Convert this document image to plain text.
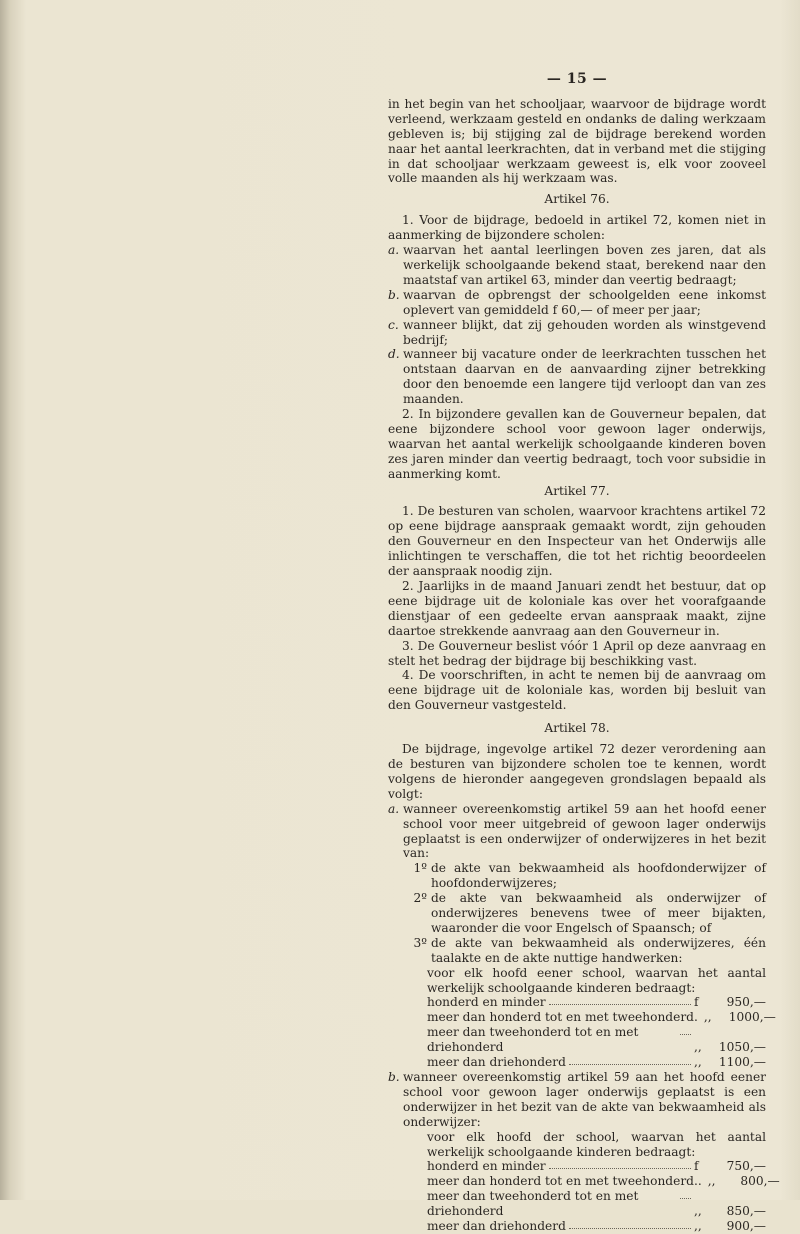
— 15 —

in het begin van het schooljaar, waarvoor de bijdrage wordt verleend, werkzaam gesteld en ondanks de daling werkzaam gebleven is; bij stijging zal de bijdrage berekend worden naar het aantal leerkrachten, dat in verband met die stijging in dat schooljaar werkzaam geweest is, elk voor zooveel volle maanden als hij werkzaam was.

Artikel 76.

1. Voor de bijdrage, bedoeld in artikel 72, komen niet in aanmerking de bijzondere scholen:

a. waarvan het aantal leerlingen boven zes jaren, dat als werkelijk schoolgaande bekend staat, berekend naar den maatstaf van artikel 63, minder dan veertig bedraagt;
b. waarvan de opbrengst der schoolgelden eene inkomst oplevert van gemiddeld f 60,— of meer per jaar;
c. wanneer blijkt, dat zij gehouden worden als winstgevend bedrijf;
d. wanneer bij vacature onder de leerkrachten tusschen het ontstaan daarvan en de aanvaarding zijner betrekking door den benoemde een langere tijd verloopt dan van zes maanden.

2. In bijzondere gevallen kan de Gouverneur bepalen, dat eene bijzondere school voor gewoon lager onderwijs, waarvan het aantal werkelijk schoolgaande kinderen boven zes jaren minder dan veertig bedraagt, toch voor subsidie in aanmerking komt.

Artikel 77.

1. De besturen van scholen, waarvoor krachtens artikel 72 op eene bijdrage aanspraak gemaakt wordt, zijn gehouden den Gouverneur en den Inspecteur van het Onderwijs alle inlichtingen te verschaffen, die tot het richtig beoordeelen der aanspraak noodig zijn.

2. Jaarlijks in de maand Januari zendt het bestuur, dat op eene bijdrage uit de koloniale kas over het voorafgaande dienstjaar of een gedeelte ervan aanspraak maakt, zijne daartoe strekkende aanvraag aan den Gouverneur in.

3. De Gouverneur beslist vóór 1 April op deze aanvraag en stelt het bedrag der bijdrage bij beschikking vast.

4. De voorschriften, in acht te nemen bij de aanvraag om eene bijdrage uit de koloniale kas, worden bij besluit van den Gouverneur vastgesteld.

Artikel 78.

De bijdrage, ingevolge artikel 72 dezer verordening aan de besturen van bijzondere scholen toe te kennen, wordt volgens de hieronder aangegeven grondslagen bepaald als volgt:

a. wanneer overeenkomstig artikel 59 aan het hoofd eener school voor meer uitgebreid of gewoon lager onderwijs geplaatst is een onderwijzer of onderwijzeres in het bezit van:
1º de akte van bekwaamheid als hoofdonderwijzer of hoofdonderwijzeres;
2º de akte van bekwaamheid als onderwijzer of onderwijzeres benevens twee of meer bijakten, waaronder die voor Engelsch of Spaansch; of
3º de akte van bekwaamheid als onderwijzeres, één taalakte en de akte nuttige handwerken:

voor elk hoofd eener school, waarvan het aantal werkelijk schoolgaande kinderen bedraagt:

honderd en minder	f	950,—
meer dan honderd tot en met tweehonderd. ,,	1000,—
meer dan tweehonderd tot en met driehonderd	,,	1050,—
meer dan driehonderd	,,	1100,—
b. wanneer overeenkomstig artikel 59 aan het hoofd eener school voor gewoon lager onderwijs geplaatst is een onderwijzer in het bezit van de akte van bekwaamheid als onderwijzer:

voor elk hoofd der school, waarvan het aantal werkelijk schoolgaande kinderen bedraagt:

honderd en minder	f	750,—
meer dan honderd tot en met tweehonderd.. ,,	800,—
meer dan tweehonderd tot en met driehonderd	,,	850,—
meer dan driehonderd	,,	900,—
